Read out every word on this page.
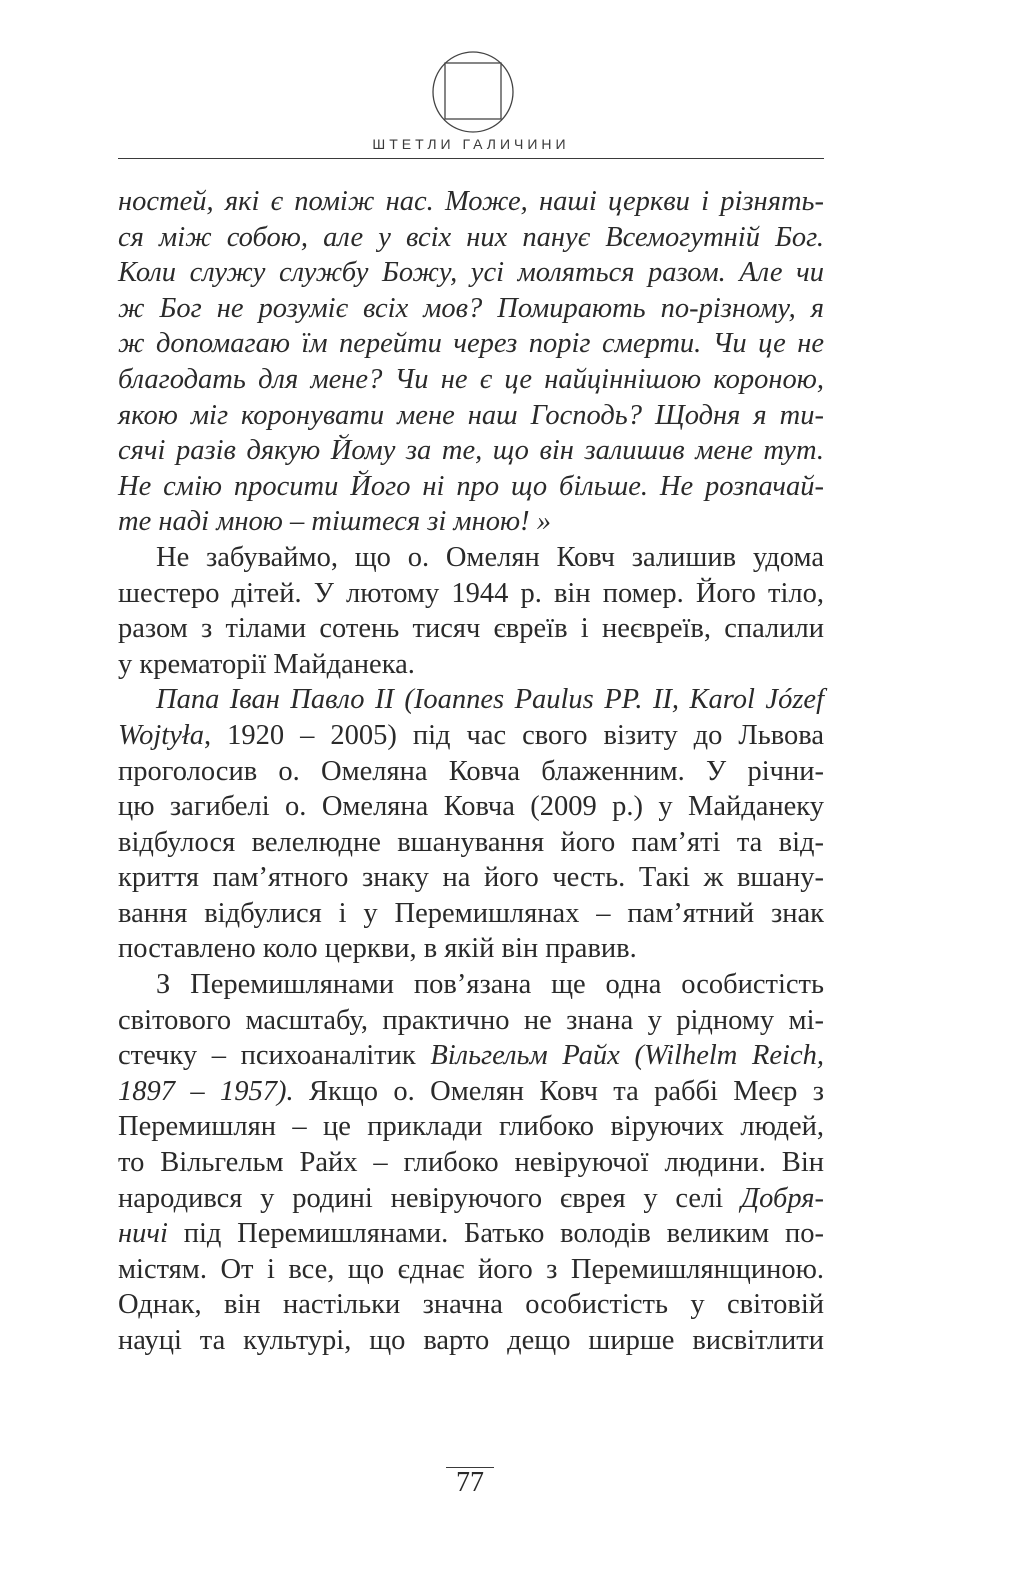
ШТЕТЛИ ГАЛИЧИНИ
ностей, які є поміж нас. Може, наші церкви і різнять-
ся між собою, але у всіх них панує Всемогутній Бог.
Коли служу службу Божу, усі моляться разом. Але чи
ж Бог не розуміє всіх мов? Помирають по-різному, я
ж допомагаю їм перейти через поріг смерти. Чи це не
благодать для мене? Чи не є це найціннішою короною,
якою міг коронувати мене наш Господь? Щодня я ти-
сячі разів дякую Йому за те, що він залишив мене тут.
Не смію просити Його ні про що більше. Не розпачай-
те наді мною – тіштеся зі мною! »
Не забуваймо, що о. Омелян Ковч залишив удома
шестеро дітей. У лютому 1944 р. він помер. Його тіло,
разом з тілами сотень тисяч євреїв і неєвреїв, спалили
у крематорії Майданека.
Папа Іван Павло ІІ (Ioannes Paulus PP. II, Karol Józef
Wojtyła, 1920 – 2005) під час свого візиту до Львова
проголосив о. Омеляна Ковча блаженним. У річни-
цю загибелі о. Омеляна Ковча (2009 р.) у Майданеку
відбулося велелюдне вшанування його пам’яті та від-
криття пам’ятного знаку на його честь. Такі ж вшану-
вання відбулися і у Перемишлянах – пам’ятний знак
поставлено коло церкви, в якій він правив.
З Перемишлянами пов’язана ще одна особистість
світового масштабу, практично не знана у рідному мі-
стечку – психоаналітик Вільгельм Райх (Wilhelm Reich,
1897 – 1957). Якщо о. Омелян Ковч та раббі Меєр з
Перемишлян – це приклади глибоко віруючих людей,
то Вільгельм Райх – глибоко невіруючої людини. Він
народився у родині невіруючого єврея у селі Добря-
ничі під Перемишлянами. Батько володів великим по-
містям. От і все, що єднає його з Перемишлянщиною.
Однак, він настільки значна особистість у світовій
науці та культурі, що варто дещо ширше висвітлити
77
